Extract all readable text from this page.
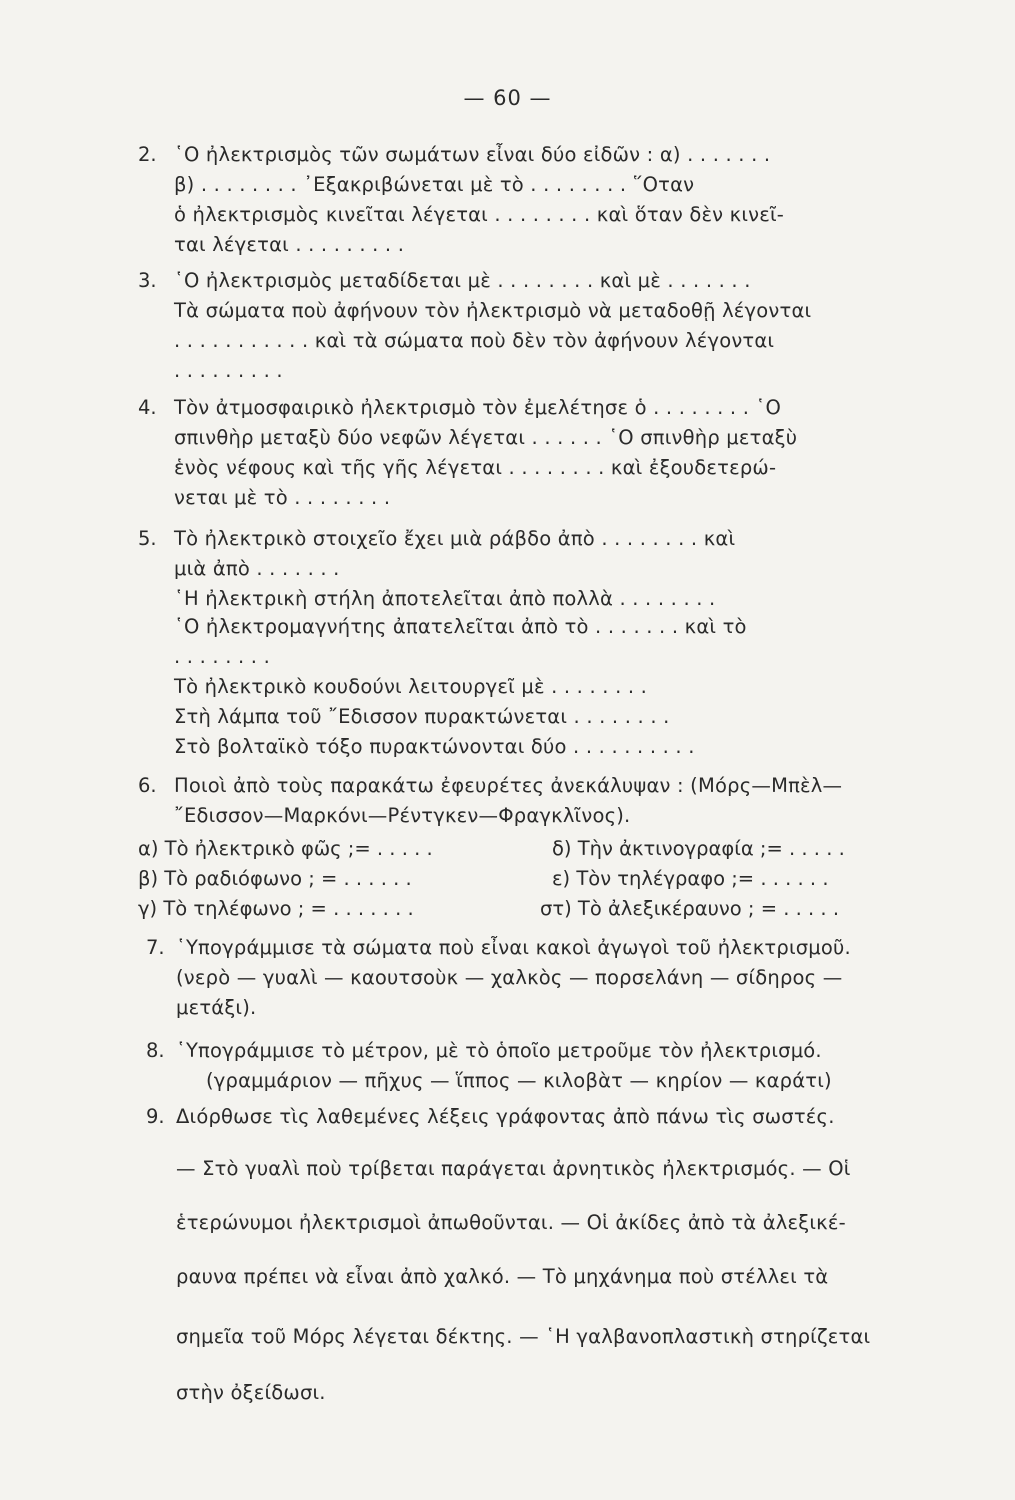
— 60 —
2. ῾Ο ἠλεκτρισμὸς τῶν σωμάτων εἶναι δύο εἰδῶν : α) . . . . . . .
β) . . . . . . . . ᾿Εξακριβώνεται μὲ τὸ . . . . . . . . ῞Οταν
ὁ ἠλεκτρισμὸς κινεῖται λέγεται . . . . . . . . καὶ ὅταν δὲν κινεῖ-
ται λέγεται . . . . . . . . .
3. ῾Ο ἠλεκτρισμὸς μεταδίδεται μὲ . . . . . . . . καὶ μὲ . . . . . . .
Τὰ σώματα ποὺ ἀφήνουν τὸν ἠλεκτρισμὸ νὰ μεταδοθῇ λέγονται
. . . . . . . . . . . καὶ τὰ σώματα ποὺ δὲν τὸν ἀφήνουν λέγονται
. . . . . . . . .
4. Τὸν ἀτμοσφαιρικὸ ἠλεκτρισμὸ τὸν ἐμελέτησε ὁ . . . . . . . . ῾Ο
σπινθὴρ μεταξὺ δύο νεφῶν λέγεται . . . . . . ῾Ο σπινθὴρ μεταξὺ
ἑνὸς νέφους καὶ τῆς γῆς λέγεται . . . . . . . . καὶ ἐξουδετερώ-
νεται μὲ τὸ . . . . . . . .
5. Τὸ ἠλεκτρικὸ στοιχεῖο ἔχει μιὰ ράβδο ἀπὸ . . . . . . . . καὶ
μιὰ ἀπὸ . . . . . . .
῾Η ἠλεκτρικὴ στήλη ἀποτελεῖται ἀπὸ πολλὰ . . . . . . . .
῾Ο ἠλεκτρομαγνήτης ἀπατελεῖται ἀπὸ τὸ . . . . . . . καὶ τὸ
. . . . . . . .
Τὸ ἠλεκτρικὸ κουδούνι λειτουργεῖ μὲ . . . . . . . .
Στὴ λάμπα τοῦ ῎Εδισσον πυρακτώνεται . . . . . . . .
Στὸ βολταϊκὸ τόξο πυρακτώνονται δύο . . . . . . . . . .
6. Ποιοὶ ἀπὸ τοὺς παρακάτω ἐφευρέτες ἀνεκάλυψαν : (Μόρς—Μπὲλ—
῎Εδισσον—Μαρκόνι—Ρέντγκεν—Φραγκλῖνος).
α) Τὸ ἠλεκτρικὸ φῶς ;= . . . . .
β) Τὸ ραδιόφωνο ; = . . . . . .
γ) Τὸ τηλέφωνο ; = . . . . . . .
δ) Τὴν ἀκτινογραφία ;= . . . . .
ε) Τὸν τηλέγραφο ;= . . . . . .
στ) Τὸ ἀλεξικέραυνο ; = . . . . .
7. ῾Υπογράμμισε τὰ σώματα ποὺ εἶναι κακοὶ ἀγωγοὶ τοῦ ἠλεκτρισμοῦ.
(νερὸ — γυαλὶ — καουτσοὺκ — χαλκὸς — πορσελάνη — σίδηρος —
μετάξι).
8. ῾Υπογράμμισε τὸ μέτρον, μὲ τὸ ὁποῖο μετροῦμε τὸν ἠλεκτρισμό.
(γραμμάριον — πῆχυς — ἵππος — κιλοβὰτ — κηρίον — καράτι)
9. Διόρθωσε τὶς λαθεμένες λέξεις γράφοντας ἀπὸ πάνω τὶς σωστές.
— Στὸ γυαλὶ ποὺ τρίβεται παράγεται ἀρνητικὸς ἠλεκτρισμός. — Οἱ
ἑτερώνυμοι ἠλεκτρισμοὶ ἀπωθοῦνται. — Οἱ ἀκίδες ἀπὸ τὰ ἀλεξικέ-
ραυνα πρέπει νὰ εἶναι ἀπὸ χαλκό. — Τὸ μηχάνημα ποὺ στέλλει τὰ
σημεῖα τοῦ Μόρς λέγεται δέκτης. — ῾Η γαλβανοπλαστικὴ στηρίζεται
στὴν ὀξείδωσι.
